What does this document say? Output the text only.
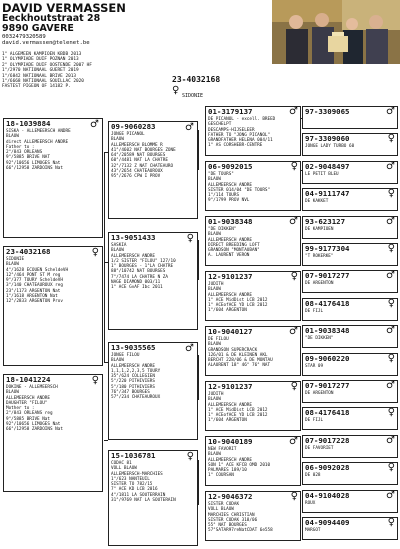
DAVID VERMASSEN
Eeckhoutstraat 28
9890 GAVERE
0032479320589
david.vermassen@telenet.be
1° ALGEMEEN KAMPIOEN KBDB 2013
1° OLYMPIADE DUIF POZNAN 2013
2° OLYMPIADE DUIF OOSTENDE 2007 HF
1°/2970 NATIONAAL GUERET 2019
1°/6842 NATIONAAL BRIVE 2013
1°/6668 NATIONAAL SOUILLAC 2020
FASTEST PIGEON OF 14182 P.
23-4032168
♀ SIDONIE
18-1039884	♂
SISKA - ALLEMEERSCH ANDRE
BLAUW
direct ALLEMEERSCH ANDRE
Father to :
2°/843 ORLEANS
9°/5885 BRIVE NAT
92°/10656 LIMOGES Nat
66°/12958 ZARDOINS Nat
23-4032168	♀
SIDONIE
BLAUW
4°/1628 ECOUEN ScheldeVH
12°/464 PONT ST M reg
9°/377 TOURY ScheldeVH
3°/140 CHATEAUROUX reg
23°/1173 ARGENTON Nat
1°/1618 ARGENTON Nat
12°/2833 ARGENTON Prov
18-1041224	♀
DOKINE - ALLEMEERSCH
BLAUW
ALLEMEERSCH ANDRE
DAUGHTER "FILOU"
Mother to :
2°/843 ORLEANS reg
9°/5885 BRIVE Nat
92°/10656 LIMOGES Nat
66°/12958 ZARDOINS Nat
09-9060283	♂
JONGE PICANOL
BLAUW
ALLEMEERSCH BLOMME R
41°/4602 NAT BOURGES ZONE
64°/20589 NAT BOURGES
60°/4481 NAT LA CHATRE
32°/7132 Z NAT CHATEAURO
43°/2654 CHATEAUROUX
95°/2676 CPW I PROV
13-9051433	♀
SASKIA
BLAUW
ALLEMEERSCH ANDRE
1/2 SISTER "FILOU" 127/10
1° BOURGES - 1°LA CHATRE
88°/10742 NAT BOURGES
7°/7474 LA CHATRE N ZA
NAGE DIAMOND 003/11
1° ACE GvAF Ibc 2011
13-9035565	♂
JONGE FILOU
BLAUW
ALLEMEERSCH ANDRE
1,1,1,2,2,3,5 TOURY
35°/624 COLLEGIEN
5°/220 PITHIVIERS
5°/180 PITHIVIERS
76°/347 BOURGES
57°/234 CHATEAUROUX
15-1036781	♀
CODAC 81
VOLL BLAUW
ALLEMEERSCH-MARCHIES
1°/623 NANTEUIL
SISTER TO 782/15
7° ACE KD LCB 2016
4°/1811 LA SOUTERRAIN
31°/9769 NAT LA SOUTERAIN
01-3179137	♂
DE PICANOL - excell. BREED
GESCHELPT
DESCAMPS-HIJSELEER
FATHER TO "JONG PICANOL"
GRANDFATHER HELENA 004/11
1° AS CORSHEBR-CENTRE
06-9092015	♀
"DE TOURS"
BLAUW
ALLEMEERSCH ANDRE
SISTER 014/04 "DE TOURS"
1°/114 TOURS
9°/1799 PROV NVL
01-9038348	♂
"DE DIKKEN"
BLAUW
ALLEMEERSCH ANDRE
DIRECT BREEDING LOFT
GRANDSON "MONTAUBAN"
A. LAURENT VERON
12-9101237	♀
JUDITH
BLAUW
ALLEMEERSCH ANDRE
1° ACE MidDist LCB 2012
1° ACEofACE YD LCB 2012
1°/604 ARGENTON
10-9040127	♂
DE FILOU
BLAUW
GRANDSON SUPERCRACK
126/01 & DE KLEINEN AKL
BERCHT 228/06 & DE MONTAU
ALAURENT 18° 46° 76° NAT
12-9101237	♀
JUDITH
BLAUW
ALLEMEERSCH ANDRE
1° ACE MidDist LCB 2012
1° ACEofACE YD LCB 2012
1°/604 ARGENTON
10-9040189	♂
NEW FAVORIT
BLAUW
ALLEMEERSCH ANDRE
SON 1° ACE KFCB OMD 2010
PALMARES 189/10
1° COURSAN
12-9046372	♀
SISTER CODAK
VOLL BLAUW
MARCHIES CHRISTIAN
SISTER CODAK 318/06
55° NAT BOURGES
57°SATAR97reNatCDAT 6e558
97-3309065	♂
97-3309060	♀
JONGE LADY TURBO 60
02-9048497	♂
LE PETIT BLEU
04-9111747	♀
DE KAKKET
93-623127	♂
DE KAMPIOEN
99-9177304	♀
"T ROKERKE"
07-9017277	♂
DE ARGENTON
08-4176418	♀
DE FIJL
01-9038348	♂
"DE DIKKEN"
09-9060220	♀
STAR 09
07-9017277	♂
DE ARGENTON
08-4176418	♀
DE FIJL
07-9017228	♂
DE FAVORIET
06-9092028	♀
DE 028
04-9104028	♂
ROUX
04-9094409	♀
MARGOT
